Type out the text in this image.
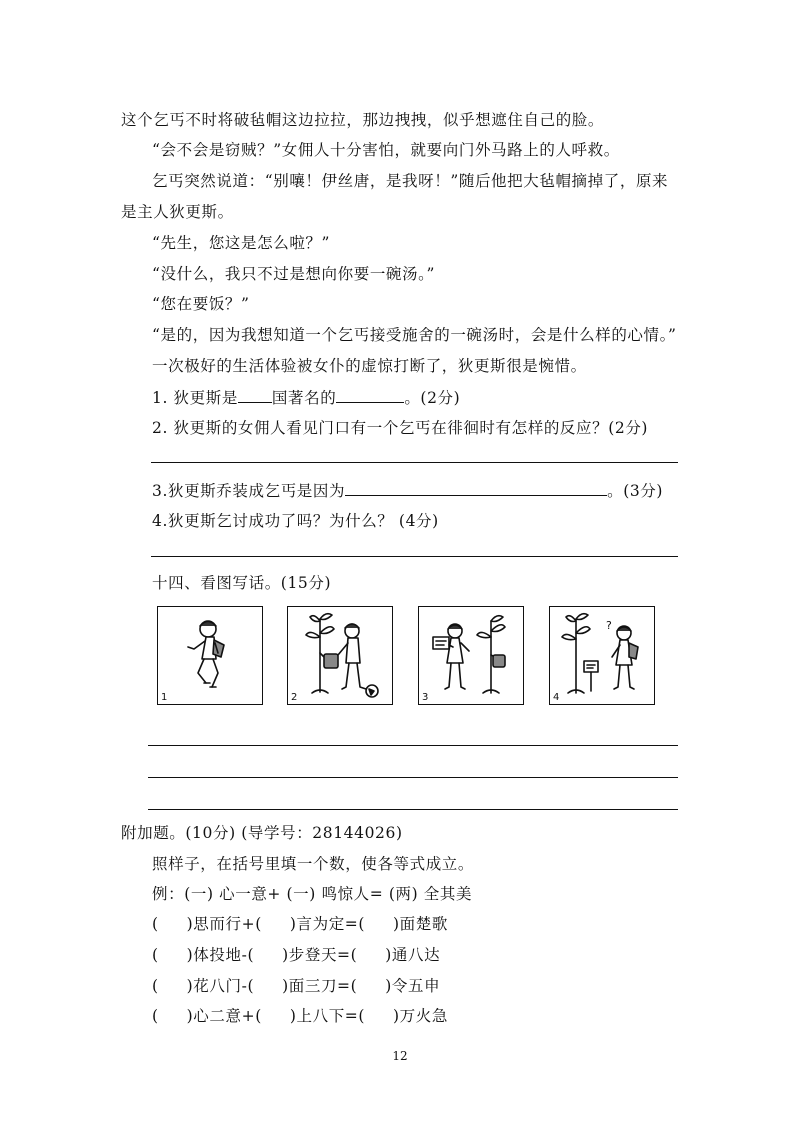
这个乞丐不时将破毡帽这边拉拉，那边拽拽，似乎想遮住自己的脸。
“会不会是窃贼？”女佣人十分害怕，就要向门外马路上的人呼救。
乞丐突然说道：“别嚷！伊丝唐，是我呀！”随后他把大毡帽摘掉了，原来
是主人狄更斯。
“先生，您这是怎么啦？”
“没什么，我只不过是想向你要一碗汤。”
“您在要饭？”
“是的，因为我想知道一个乞丐接受施舍的一碗汤时，会是什么样的心情。”
一次极好的生活体验被女仆的虚惊打断了，狄更斯很是惋惜。
1. 狄更斯是 国著名的	。(2分)
2. 狄更斯的女佣人看见门口有一个乞丐在徘徊时有怎样的反应？(2分)
3.狄更斯乔装成乞丐是因为	。(3分)
4.狄更斯乞讨成功了吗？为什么？ (4分)
十四、看图写话。(15分)
1	2	3
?
4
附加题。(10分) (导学号：28144026)
照样子，在括号里填一个数，使各等式成立。
例：(一) 心一意+ (一) 鸣惊人= (两) 全其美
( )思而行+( )言为定=( )面楚歌
( )体投地-( )步登天=( )通八达
( )花八门-( )面三刀=( )令五申
( )心二意+( )上八下=( )万火急
12
